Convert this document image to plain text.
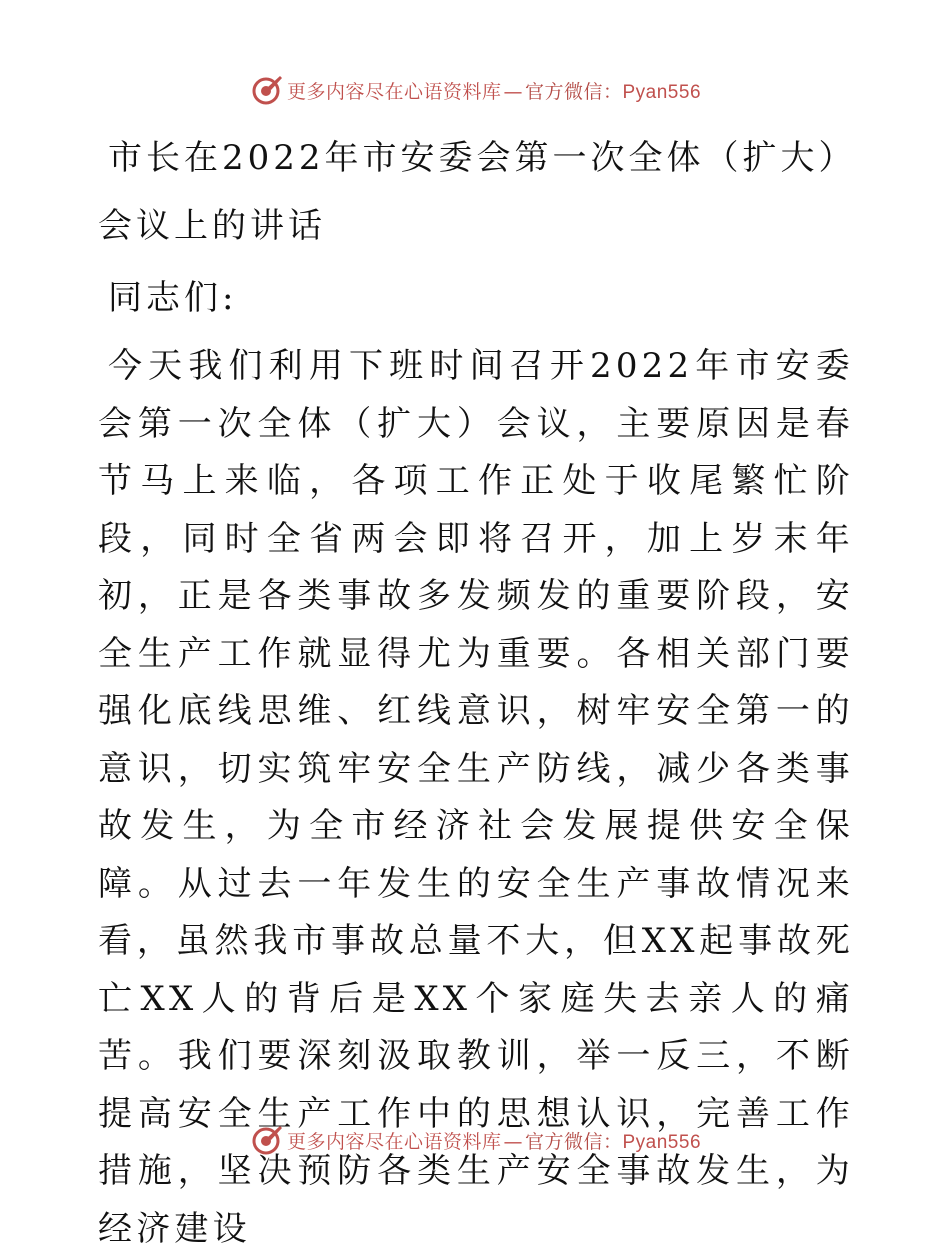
更多内容尽在心语资料库 — 官方微信：Pyan556
市长在2022年市安委会第一次全体（扩大）会议上的讲话

同志们:

今天我们利用下班时间召开2022年市安委会第一次全体（扩大）会议，主要原因是春节马上来临，各项工作正处于收尾繁忙阶段，同时全省两会即将召开，加上岁末年初，正是各类事故多发频发的重要阶段，安全生产工作就显得尤为重要。各相关部门要强化底线思维、红线意识，树牢安全第一的意识，切实筑牢安全生产防线，减少各类事故发生，为全市经济社会发展提供安全保障。从过去一年发生的安全生产事故情况来看，虽然我市事故总量不大，但XX起事故死亡XX人的背后是XX个家庭失去亲人的痛苦。我们要深刻汲取教训，举一反三，不断提高安全生产工作中的思想认识，完善工作措施，坚决预防各类生产安全事故发生，为经济建设

更多内容尽在心语资料库 — 官方微信：Pyan556
